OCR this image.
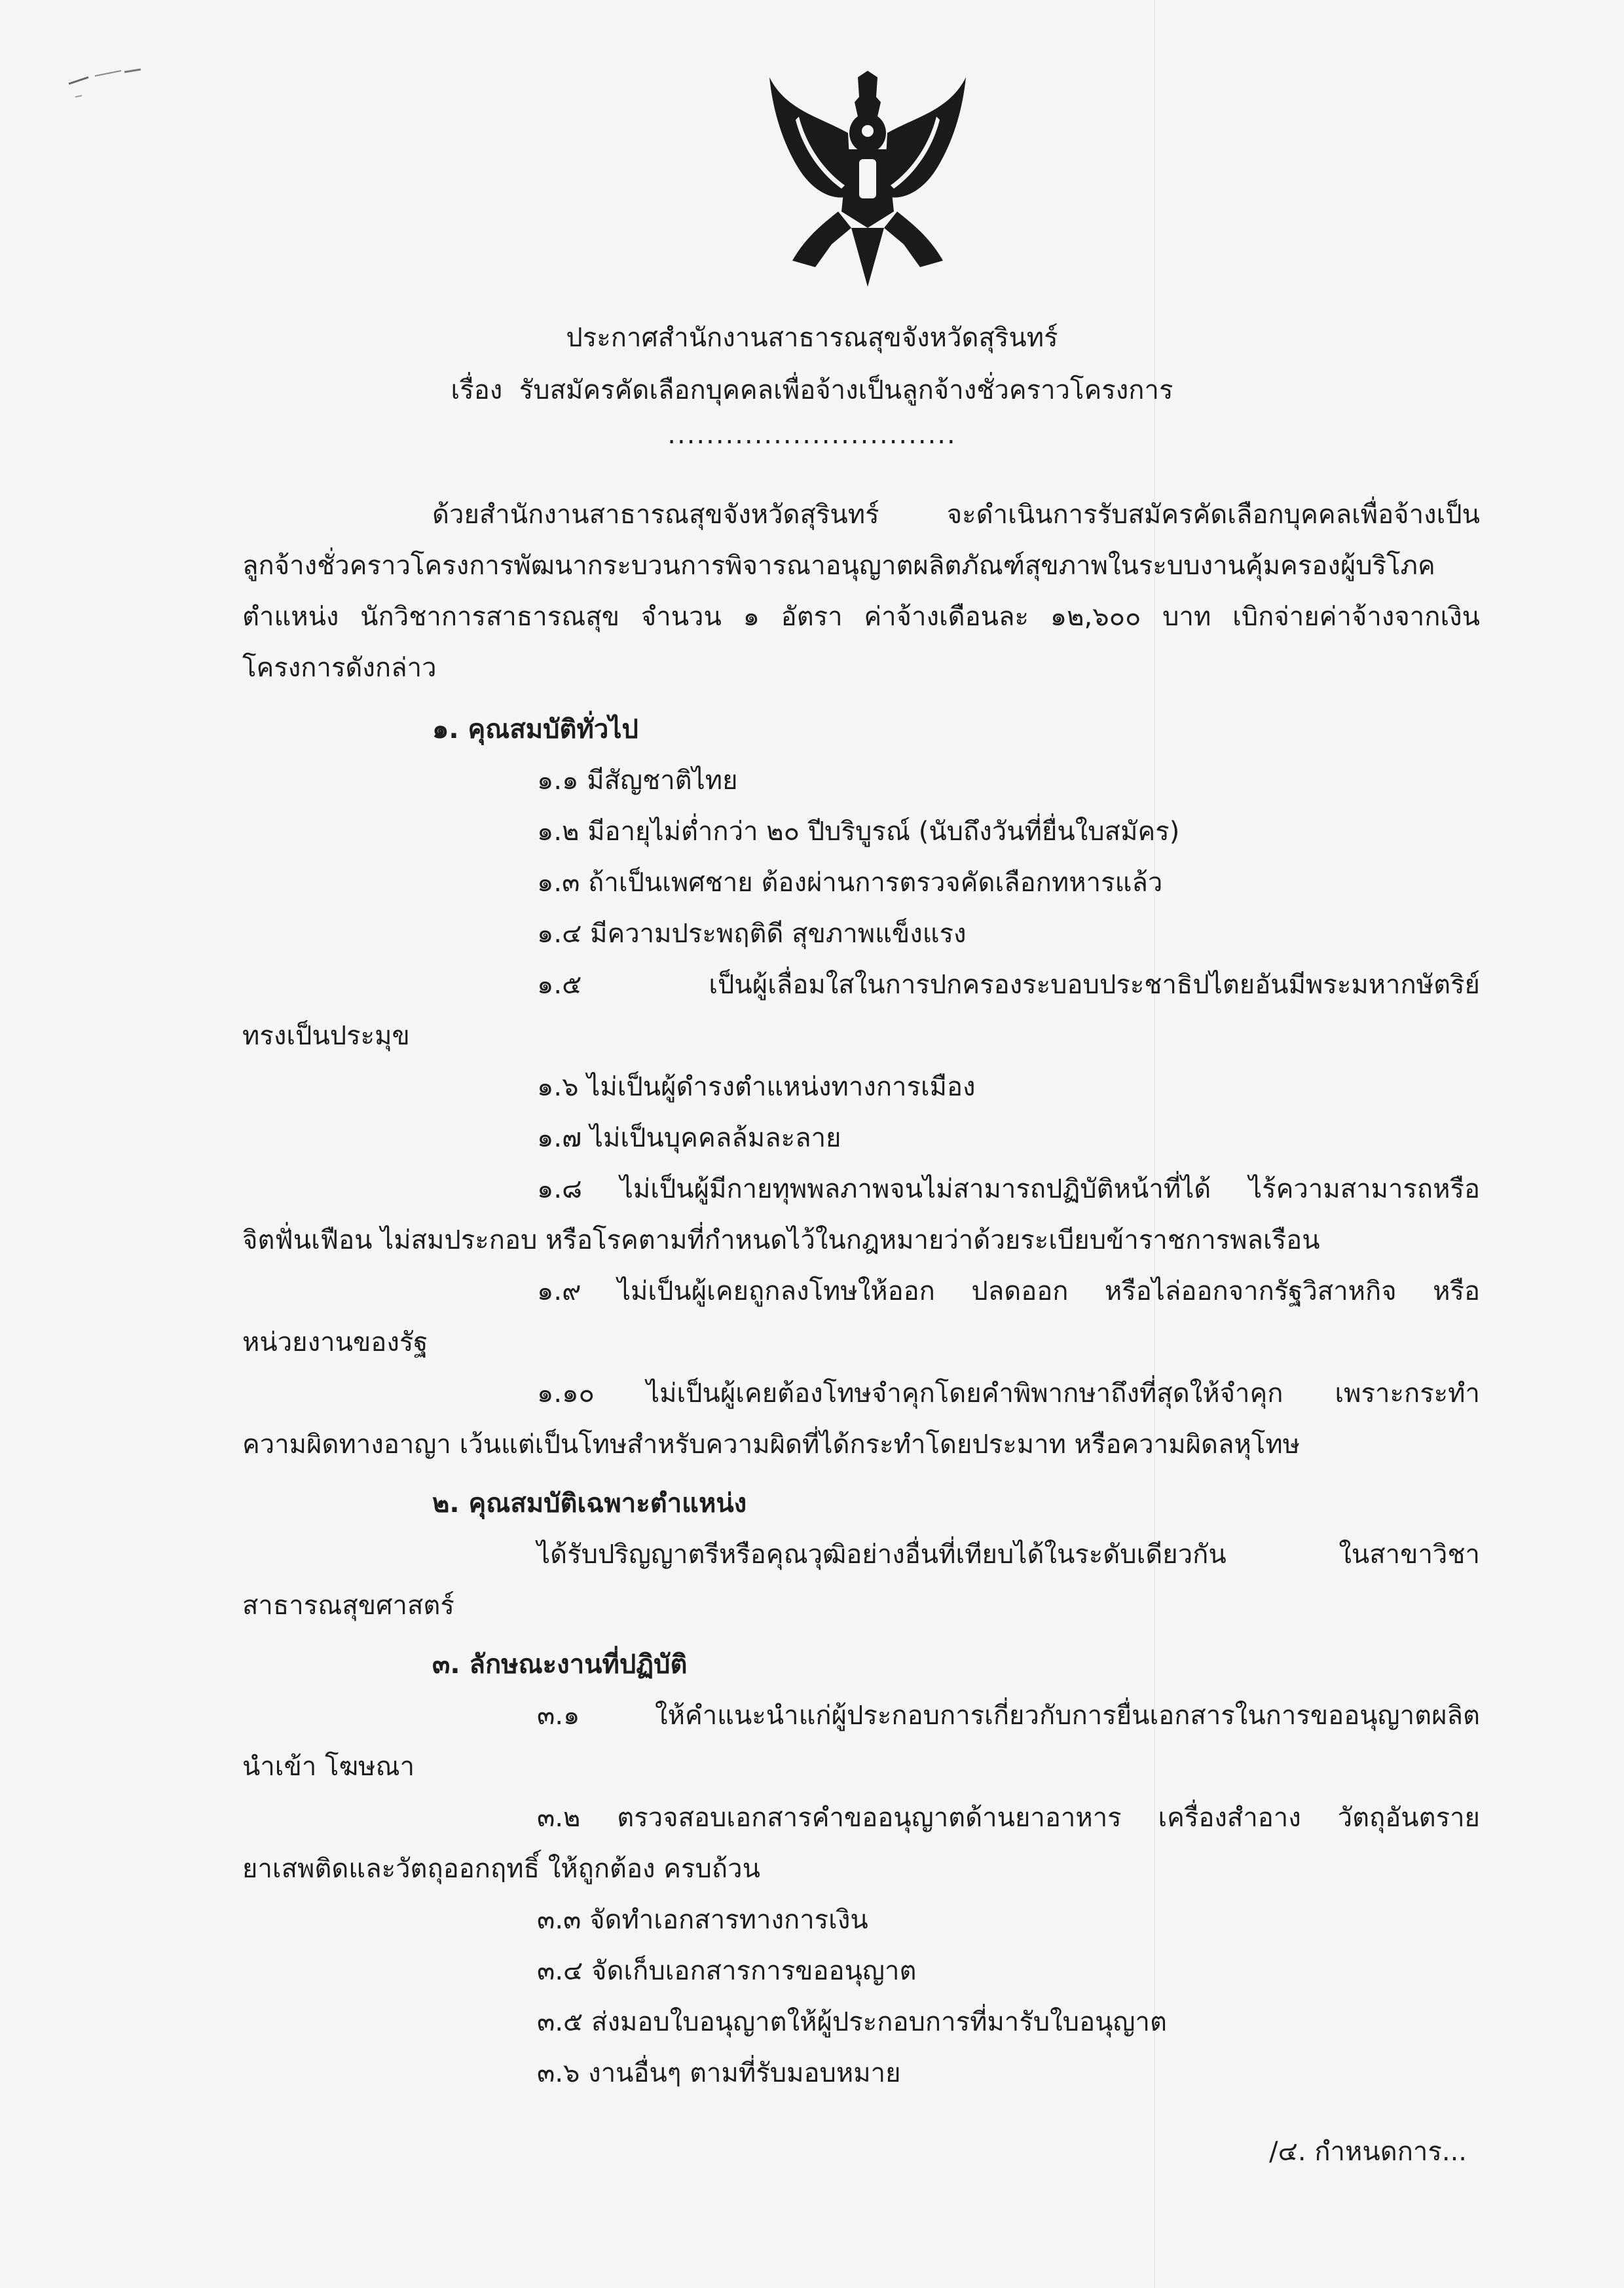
ประกาศสำนักงานสาธารณสุขจังหวัดสุรินทร์
เรื่อง รับสมัครคัดเลือกบุคคลเพื่อจ้างเป็นลูกจ้างชั่วคราวโครงการ
..............................
ด้วยสำนักงานสาธารณสุขจังหวัดสุรินทร์ จะดำเนินการรับสมัครคัดเลือกบุคคลเพื่อจ้างเป็น
ลูกจ้างชั่วคราวโครงการพัฒนากระบวนการพิจารณาอนุญาตผลิตภัณฑ์สุขภาพในระบบงานคุ้มครองผู้บริโภค
ตำแหน่ง นักวิชาการสาธารณสุข จำนวน ๑ อัตรา ค่าจ้างเดือนละ ๑๒,๖๐๐ บาท เบิกจ่ายค่าจ้างจากเงิน
โครงการดังกล่าว
๑. คุณสมบัติทั่วไป
๑.๑ มีสัญชาติไทย
๑.๒ มีอายุไม่ต่ำกว่า ๒๐ ปีบริบูรณ์ (นับถึงวันที่ยื่นใบสมัคร)
๑.๓ ถ้าเป็นเพศชาย ต้องผ่านการตรวจคัดเลือกทหารแล้ว
๑.๔ มีความประพฤติดี สุขภาพแข็งแรง
๑.๕ เป็นผู้เลื่อมใสในการปกครองระบอบประชาธิปไตยอันมีพระมหากษัตริย์
ทรงเป็นประมุข
๑.๖ ไม่เป็นผู้ดำรงตำแหน่งทางการเมือง
๑.๗ ไม่เป็นบุคคลล้มละลาย
๑.๘ ไม่เป็นผู้มีกายทุพพลภาพจนไม่สามารถปฏิบัติหน้าที่ได้ ไร้ความสามารถหรือ
จิตฟั่นเฟือน ไม่สมประกอบ หรือโรคตามที่กำหนดไว้ในกฎหมายว่าด้วยระเบียบข้าราชการพลเรือน
๑.๙ ไม่เป็นผู้เคยถูกลงโทษให้ออก ปลดออก หรือไล่ออกจากรัฐวิสาหกิจ หรือ
หน่วยงานของรัฐ
๑.๑๐ ไม่เป็นผู้เคยต้องโทษจำคุกโดยคำพิพากษาถึงที่สุดให้จำคุก เพราะกระทำ
ความผิดทางอาญา เว้นแต่เป็นโทษสำหรับความผิดที่ได้กระทำโดยประมาท หรือความผิดลหุโทษ
๒. คุณสมบัติเฉพาะตำแหน่ง
ได้รับปริญญาตรีหรือคุณวุฒิอย่างอื่นที่เทียบได้ในระดับเดียวกัน ในสาขาวิชา
สาธารณสุขศาสตร์
๓. ลักษณะงานที่ปฏิบัติ
๓.๑ ให้คำแนะนำแก่ผู้ประกอบการเกี่ยวกับการยื่นเอกสารในการขออนุญาตผลิต
นำเข้า โฆษณา
๓.๒ ตรวจสอบเอกสารคำขออนุญาตด้านยาอาหาร เครื่องสำอาง วัตถุอันตราย
ยาเสพติดและวัตถุออกฤทธิ์ ให้ถูกต้อง ครบถ้วน
๓.๓ จัดทำเอกสารทางการเงิน
๓.๔ จัดเก็บเอกสารการขออนุญาต
๓.๕ ส่งมอบใบอนุญาตให้ผู้ประกอบการที่มารับใบอนุญาต
๓.๖ งานอื่นๆ ตามที่รับมอบหมาย
/๔. กำหนดการ...
